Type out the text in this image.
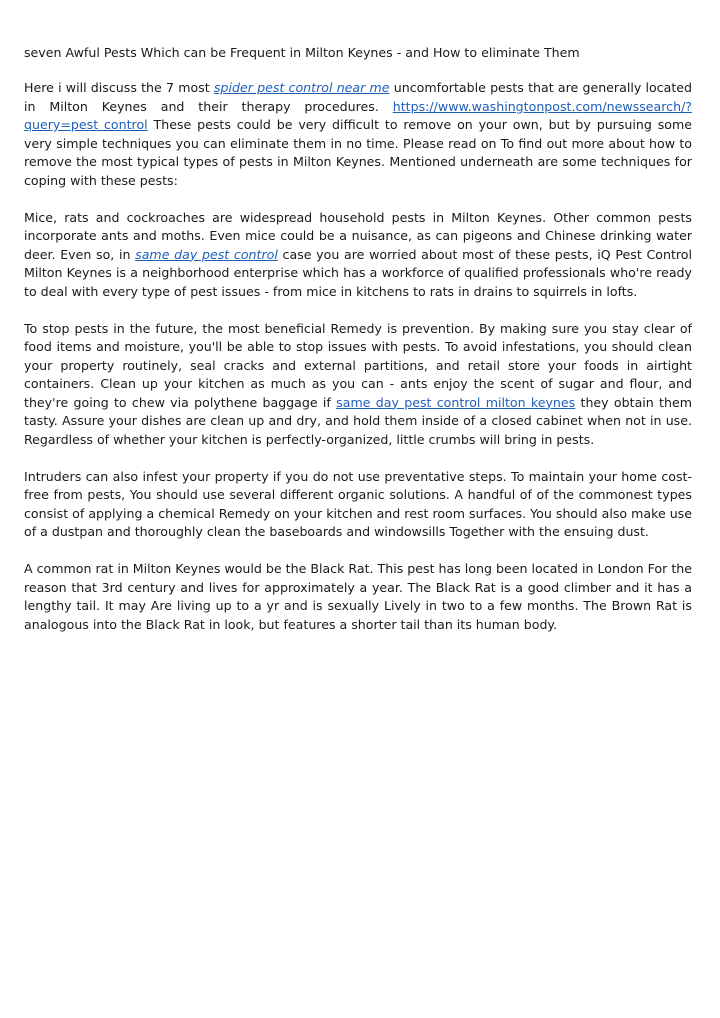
seven Awful Pests Which can be Frequent in Milton Keynes - and How to eliminate Them

Here i will discuss the 7 most spider pest control near me uncomfortable pests that are generally located in Milton Keynes and their therapy procedures. https://www.washingtonpost.com/newssearch/?query=pest control These pests could be very difficult to remove on your own, but by pursuing some very simple techniques you can eliminate them in no time. Please read on To find out more about how to remove the most typical types of pests in Milton Keynes. Mentioned underneath are some techniques for coping with these pests:

Mice, rats and cockroaches are widespread household pests in Milton Keynes. Other common pests incorporate ants and moths. Even mice could be a nuisance, as can pigeons and Chinese drinking water deer. Even so, in same day pest control case you are worried about most of these pests, iQ Pest Control Milton Keynes is a neighborhood enterprise which has a workforce of qualified professionals who're ready to deal with every type of pest issues - from mice in kitchens to rats in drains to squirrels in lofts.

To stop pests in the future, the most beneficial Remedy is prevention. By making sure you stay clear of food items and moisture, you'll be able to stop issues with pests. To avoid infestations, you should clean your property routinely, seal cracks and external partitions, and retail store your foods in airtight containers. Clean up your kitchen as much as you can - ants enjoy the scent of sugar and flour, and they're going to chew via polythene baggage if same day pest control milton keynes they obtain them tasty. Assure your dishes are clean up and dry, and hold them inside of a closed cabinet when not in use. Regardless of whether your kitchen is perfectly-organized, little crumbs will bring in pests.

Intruders can also infest your property if you do not use preventative steps. To maintain your home cost-free from pests, You should use several different organic solutions. A handful of of the commonest types consist of applying a chemical Remedy on your kitchen and rest room surfaces. You should also make use of a dustpan and thoroughly clean the baseboards and windowsills Together with the ensuing dust.

A common rat in Milton Keynes would be the Black Rat. This pest has long been located in London For the reason that 3rd century and lives for approximately a year. The Black Rat is a good climber and it has a lengthy tail. It may Are living up to a yr and is sexually Lively in two to a few months. The Brown Rat is analogous into the Black Rat in look, but features a shorter tail than its human body.
